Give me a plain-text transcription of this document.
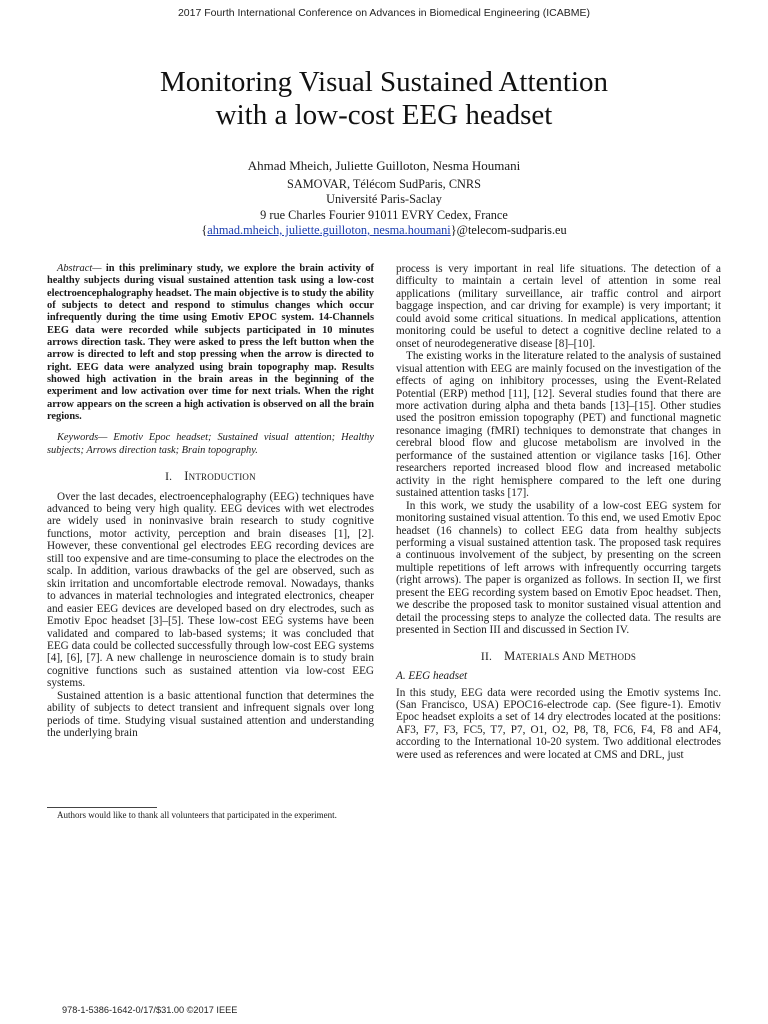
2017 Fourth International Conference on Advances in Biomedical Engineering (ICABME)
Monitoring Visual Sustained Attention
with a low-cost EEG headset
Ahmad Mheich, Juliette Guilloton, Nesma Houmani
SAMOVAR, Télécom SudParis, CNRS
Université Paris-Saclay
9 rue Charles Fourier 91011 EVRY Cedex, France
{ahmad.mheich, juliette.guilloton, nesma.houmani}@telecom-sudparis.eu

Abstract— in this preliminary study, we explore the brain activity of healthy subjects during visual sustained attention task using a low-cost electroencephalography headset. The main objective is to study the ability of subjects to detect and respond to stimulus changes which occur infrequently during the time using Emotiv EPOC system. 14-Channels EEG data were recorded while subjects participated in 10 minutes arrows direction task. They were asked to press the left button when the arrow is directed to left and stop pressing when the arrow is directed to right. EEG data were analyzed using brain topography map. Results showed high activation in the brain areas in the beginning of the experiment and low activation over time for next trials. When the right arrow appears on the screen a high activation is observed on all the brain regions.

Keywords— Emotiv Epoc headset; Sustained visual attention; Healthy subjects; Arrows direction task; Brain topography.

I. Introduction

Over the last decades, electroencephalography (EEG) techniques have advanced to being very high quality. EEG devices with wet electrodes are widely used in noninvasive brain research to study cognitive functions, motor activity, perception and brain diseases [1], [2]. However, these conventional gel electrodes EEG recording devices are still too expensive and are time-consuming to place the electrodes on the scalp. In addition, various drawbacks of the gel are observed, such as skin irritation and uncomfortable electrode removal. Nowadays, thanks to advances in material technologies and integrated electronics, cheaper and easier EEG devices are developed based on dry electrodes, such as Emotiv Epoc headset [3]–[5]. These low-cost EEG systems have been validated and compared to lab-based systems; it was concluded that EEG data could be collected successfully through low-cost EEG systems [4], [6], [7]. A new challenge in neuroscience domain is to study brain cognitive functions such as sustained attention via low-cost EEG systems.

Sustained attention is a basic attentional function that determines the ability of subjects to detect transient and infrequent signals over long periods of time. Studying visual sustained attention and understanding the underlying brain

Authors would like to thank all volunteers that participated in the experiment.

process is very important in real life situations. The detection of a difficulty to maintain a certain level of attention in some real applications (military surveillance, air traffic control and airport baggage inspection, and car driving for example) is very important; it could avoid some critical situations. In medical applications, attention monitoring could be useful to detect a cognitive decline related to a onset of neurodegenerative disease [8]–[10].

The existing works in the literature related to the analysis of sustained visual attention with EEG are mainly focused on the investigation of the effects of aging on inhibitory processes, using the Event-Related Potential (ERP) method [11], [12]. Several studies found that there are more activation during alpha and theta bands [13]–[15]. Other studies used the positron emission topography (PET) and functional magnetic resonance imaging (fMRI) techniques to demonstrate that changes in cerebral blood flow and glucose metabolism are involved in the performance of the sustained attention or vigilance tasks [16]. Other researchers reported increased blood flow and increased metabolic activity in the right hemisphere compared to the left one during sustained attention tasks [17].

In this work, we study the usability of a low-cost EEG system for monitoring sustained visual attention. To this end, we used Emotiv Epoc headset (16 channels) to collect EEG data from healthy subjects performing a visual sustained attention task. The proposed task requires a continuous involvement of the subject, by presenting on the screen multiple repetitions of left arrows with infrequently occurring targets (right arrows). The paper is organized as follows. In section II, we first present the EEG recording system based on Emotiv Epoc headset. Then, we describe the proposed task to monitor sustained visual attention and detail the processing steps to analyze the collected data. The results are presented in Section III and discussed in Section IV.

II. Materials And Methods
A. EEG headset

In this study, EEG data were recorded using the Emotiv systems Inc. (San Francisco, USA) EPOC16-electrode cap. (See figure-1). Emotiv Epoc headset exploits a set of 14 dry electrodes located at the positions: AF3, F7, F3, FC5, T7, P7, O1, O2, P8, T8, FC6, F4, F8 and AF4, according to the International 10-20 system. Two additional electrodes were used as references and were located at CMS and DRL, just

978-1-5386-1642-0/17/$31.00 ©2017 IEEE
